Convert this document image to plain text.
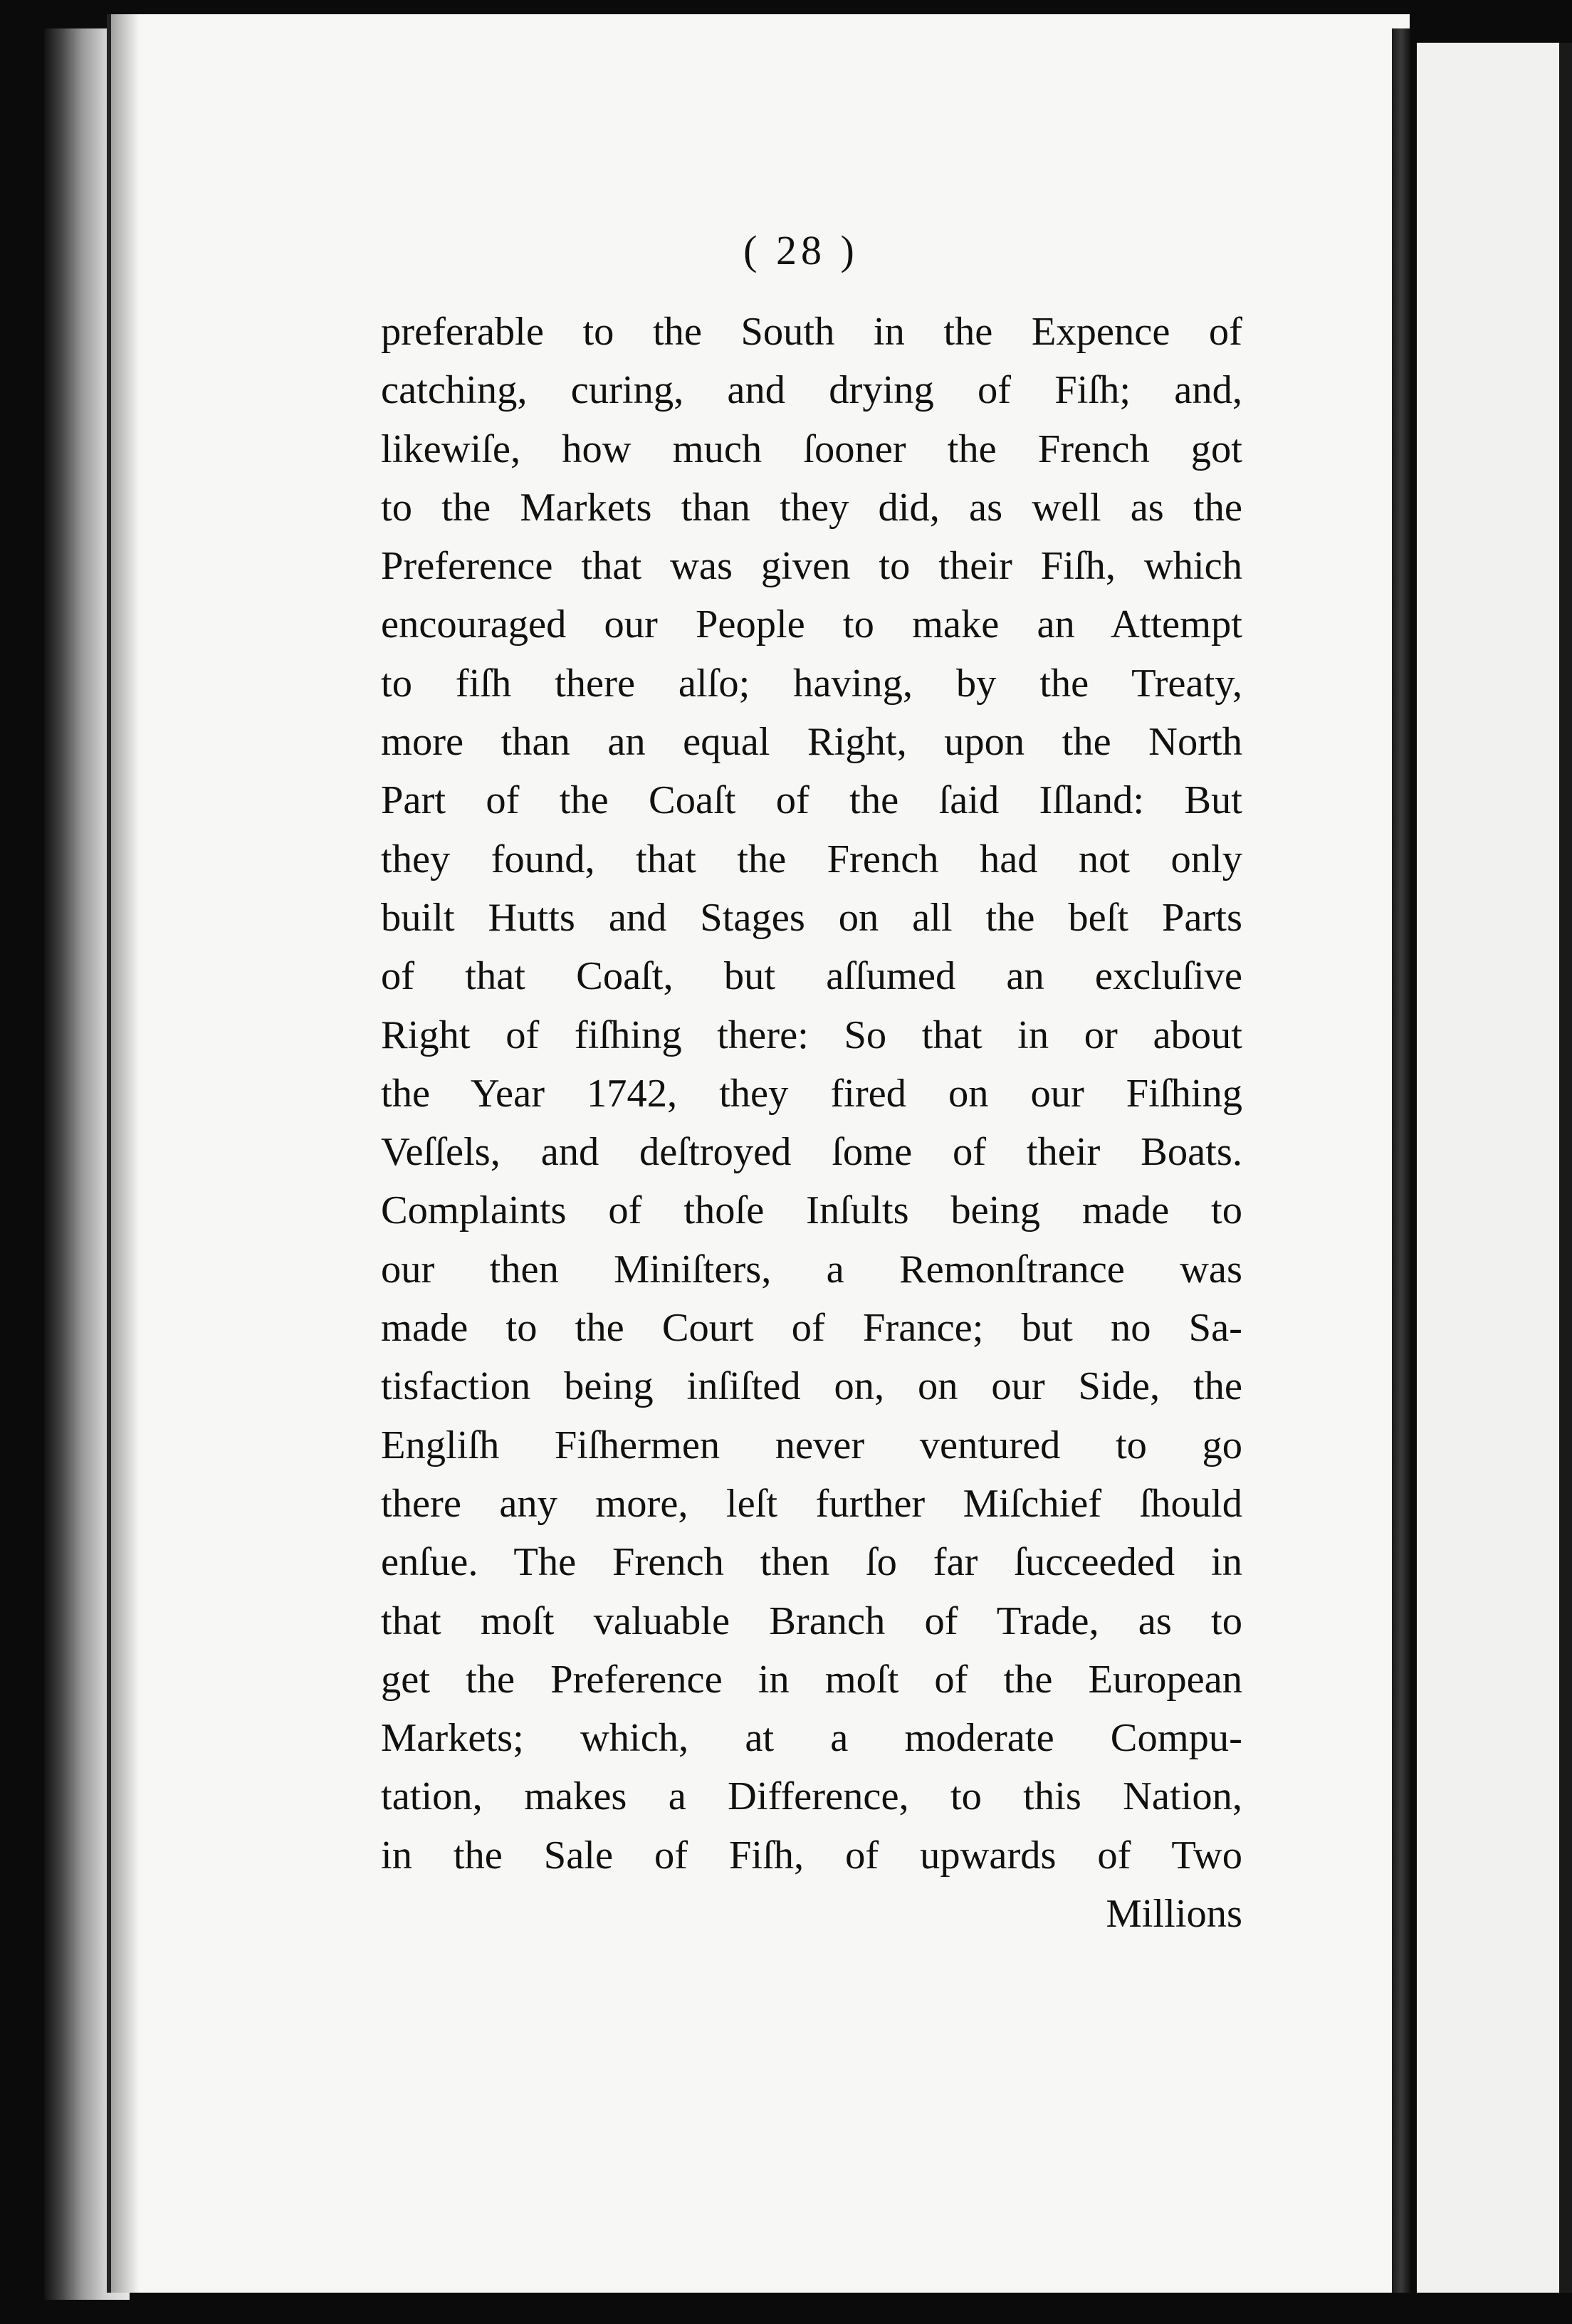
( 28 )
preferable to the South in the Expence of
catching, curing, and drying of Fiſh; and,
likewiſe, how much ſooner the French got
to the Markets than they did, as well as the
Preference that was given to their Fiſh, which
encouraged our People to make an Attempt
to fiſh there alſo; having, by the Treaty,
more than an equal Right, upon the North
Part of the Coaſt of the ſaid Iſland: But
they found, that the French had not only
built Hutts and Stages on all the beſt Parts
of that Coaſt, but aſſumed an excluſive
Right of fiſhing there: So that in or about
the Year 1742, they fired on our Fiſhing
Veſſels, and deſtroyed ſome of their Boats.
Complaints of thoſe Inſults being made to
our then Miniſters, a Remonſtrance was
made to the Court of France; but no Sa-
tisfaction being inſiſted on, on our Side, the
Engliſh Fiſhermen never ventured to go
there any more, leſt further Miſchief ſhould
enſue. The French then ſo far ſucceeded in
that moſt valuable Branch of Trade, as to
get the Preference in moſt of the European
Markets; which, at a moderate Compu-
tation, makes a Difference, to this Nation,
in the Sale of Fiſh, of upwards of Two
Millions
